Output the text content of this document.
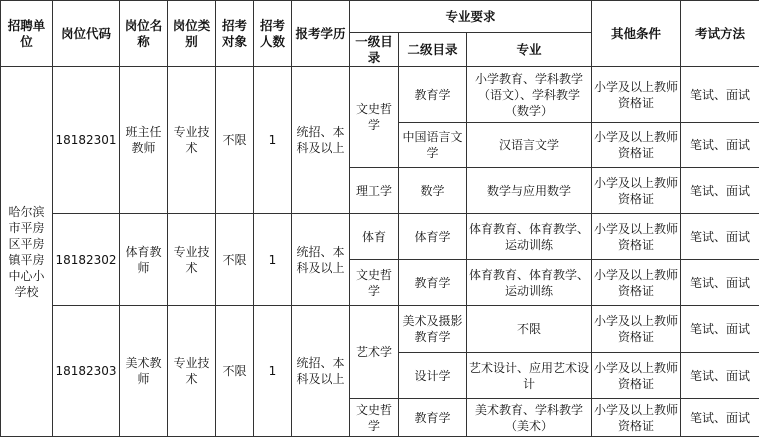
招聘单位	岗位代码	岗位名称	岗位类别	招考对象	招考人数	报考学历	专业要求			其他条件	考试方法
							一级目录	二级目录	专业		
哈尔滨市平房区平房镇平房中心小学校	18182301	班主任教师	专业技术	不限	1	统招、本科及以上	文史哲学	教育学	小学教育、学科教学（语文）、学科教学（数学）	小学及以上教师资格证	笔试、面试
								中国语言文学	汉语言文学	小学及以上教师资格证	笔试、面试
							理工学	数学	数学与应用数学	小学及以上教师资格证	笔试、面试
	18182302	体育教师	专业技术	不限	1	统招、本科及以上	体育	体育学	体育教育、体育教学、运动训练	小学及以上教师资格证	笔试、面试
							文史哲学	教育学	体育教育、体育教学、运动训练	小学及以上教师资格证	笔试、面试
	18182303	美术教师	专业技术	不限	1	统招、本科及以上	艺术学	美术及摄影教育学	不限	小学及以上教师资格证	笔试、面试
								设计学	艺术设计、应用艺术设计	小学及以上教师资格证	笔试、面试
							文史哲学	教育学	美术教育、学科教学（美术）	小学及以上教师资格证	笔试、面试
